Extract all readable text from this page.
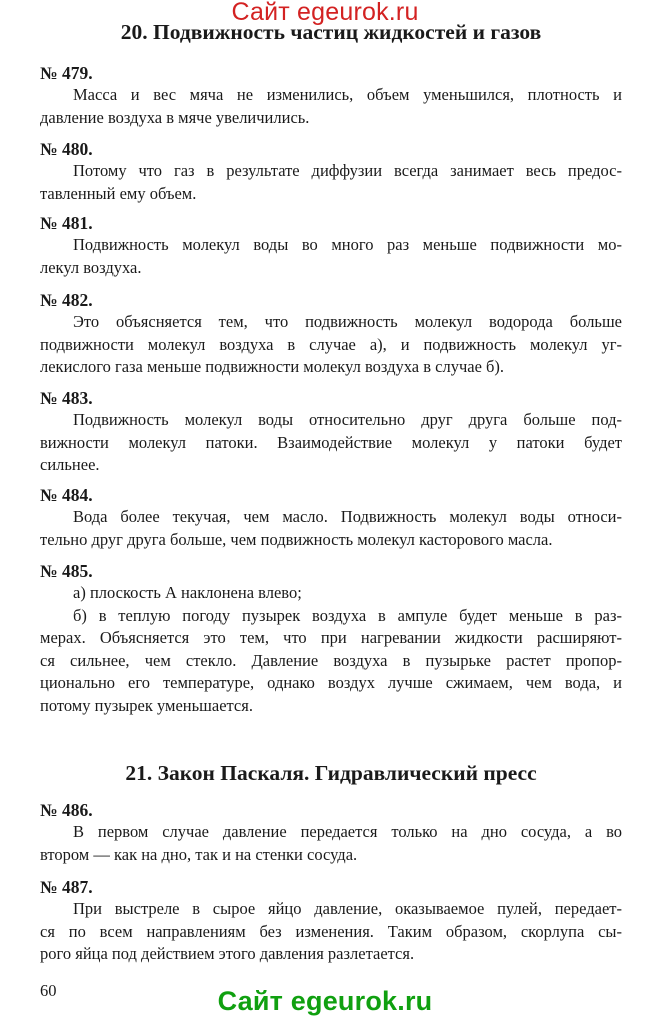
Сайт egeurok.ru
20. Подвижность частиц жидкостей и газов

№ 479.

Масса и вес мяча не изменились, объем уменьшился, плотность и

давление воздуха в мяче увеличились.

№ 480.

Потому что газ в результате диффузии всегда занимает весь предос-

тавленный ему объем.

№ 481.

Подвижность молекул воды во много раз меньше подвижности мо-

лекул воздуха.

№ 482.

Это объясняется тем, что подвижность молекул водорода больше

подвижности молекул воздуха в случае а), и подвижность молекул уг-

лекислого газа меньше подвижности молекул воздуха в случае б).

№ 483.

Подвижность молекул воды относительно друг друга больше под-

вижности молекул патоки. Взаимодействие молекул у патоки будет

сильнее.

№ 484.

Вода более текучая, чем масло. Подвижность молекул воды относи-

тельно друг друга больше, чем подвижность молекул касторового масла.

№ 485.

а) плоскость А наклонена влево;

б) в теплую погоду пузырек воздуха в ампуле будет меньше в раз-

мерах. Объясняется это тем, что при нагревании жидкости расширяют-

ся сильнее, чем стекло. Давление воздуха в пузырьке растет пропор-

ционально его температуре, однако воздух лучше сжимаем, чем вода, и

потому пузырек уменьшается.

21. Закон Паскаля. Гидравлический пресс

№ 486.

В первом случае давление передается только на дно сосуда, а во

втором — как на дно, так и на стенки сосуда.

№ 487.

При выстреле в сырое яйцо давление, оказываемое пулей, передает-

ся по всем направлениям без изменения. Таким образом, скорлупа сы-

рого яйца под действием этого давления разлетается.

60	Сайт egeurok.ru
